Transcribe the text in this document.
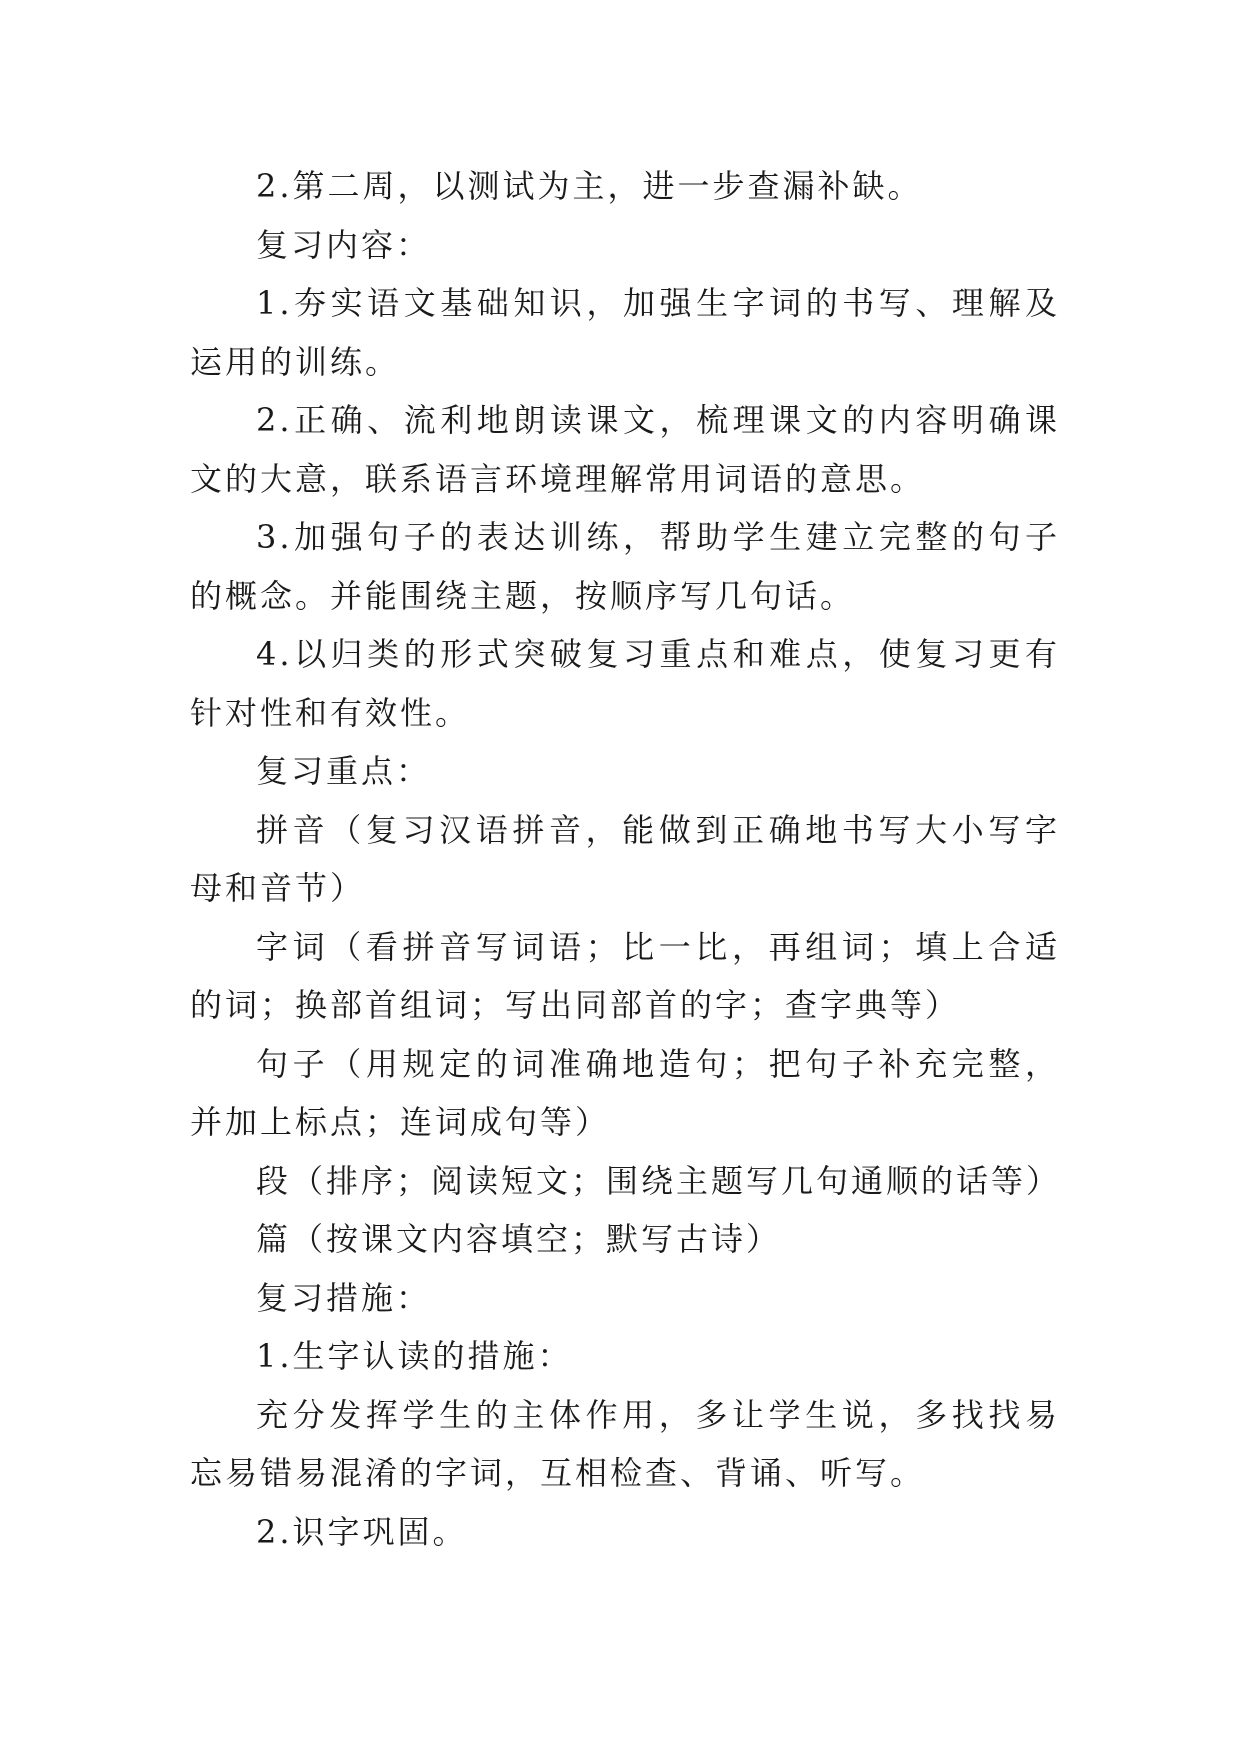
2.第二周，以测试为主，进一步查漏补缺。

复习内容：

1.夯实语文基础知识，加强生字词的书写、理解及运用的训练。

2.正确、流利地朗读课文，梳理课文的内容明确课文的大意，联系语言环境理解常用词语的意思。

3.加强句子的表达训练，帮助学生建立完整的句子的概念。并能围绕主题，按顺序写几句话。

4.以归类的形式突破复习重点和难点，使复习更有针对性和有效性。

复习重点：

拼音（复习汉语拼音，能做到正确地书写大小写字母和音节）

字词（看拼音写词语；比一比，再组词；填上合适的词；换部首组词；写出同部首的字；查字典等）

句子（用规定的词准确地造句；把句子补充完整，并加上标点；连词成句等）

段（排序；阅读短文；围绕主题写几句通顺的话等）

篇（按课文内容填空；默写古诗）

复习措施：

1.生字认读的措施：

充分发挥学生的主体作用，多让学生说，多找找易忘易错易混淆的字词，互相检查、背诵、听写。

2.识字巩固。
